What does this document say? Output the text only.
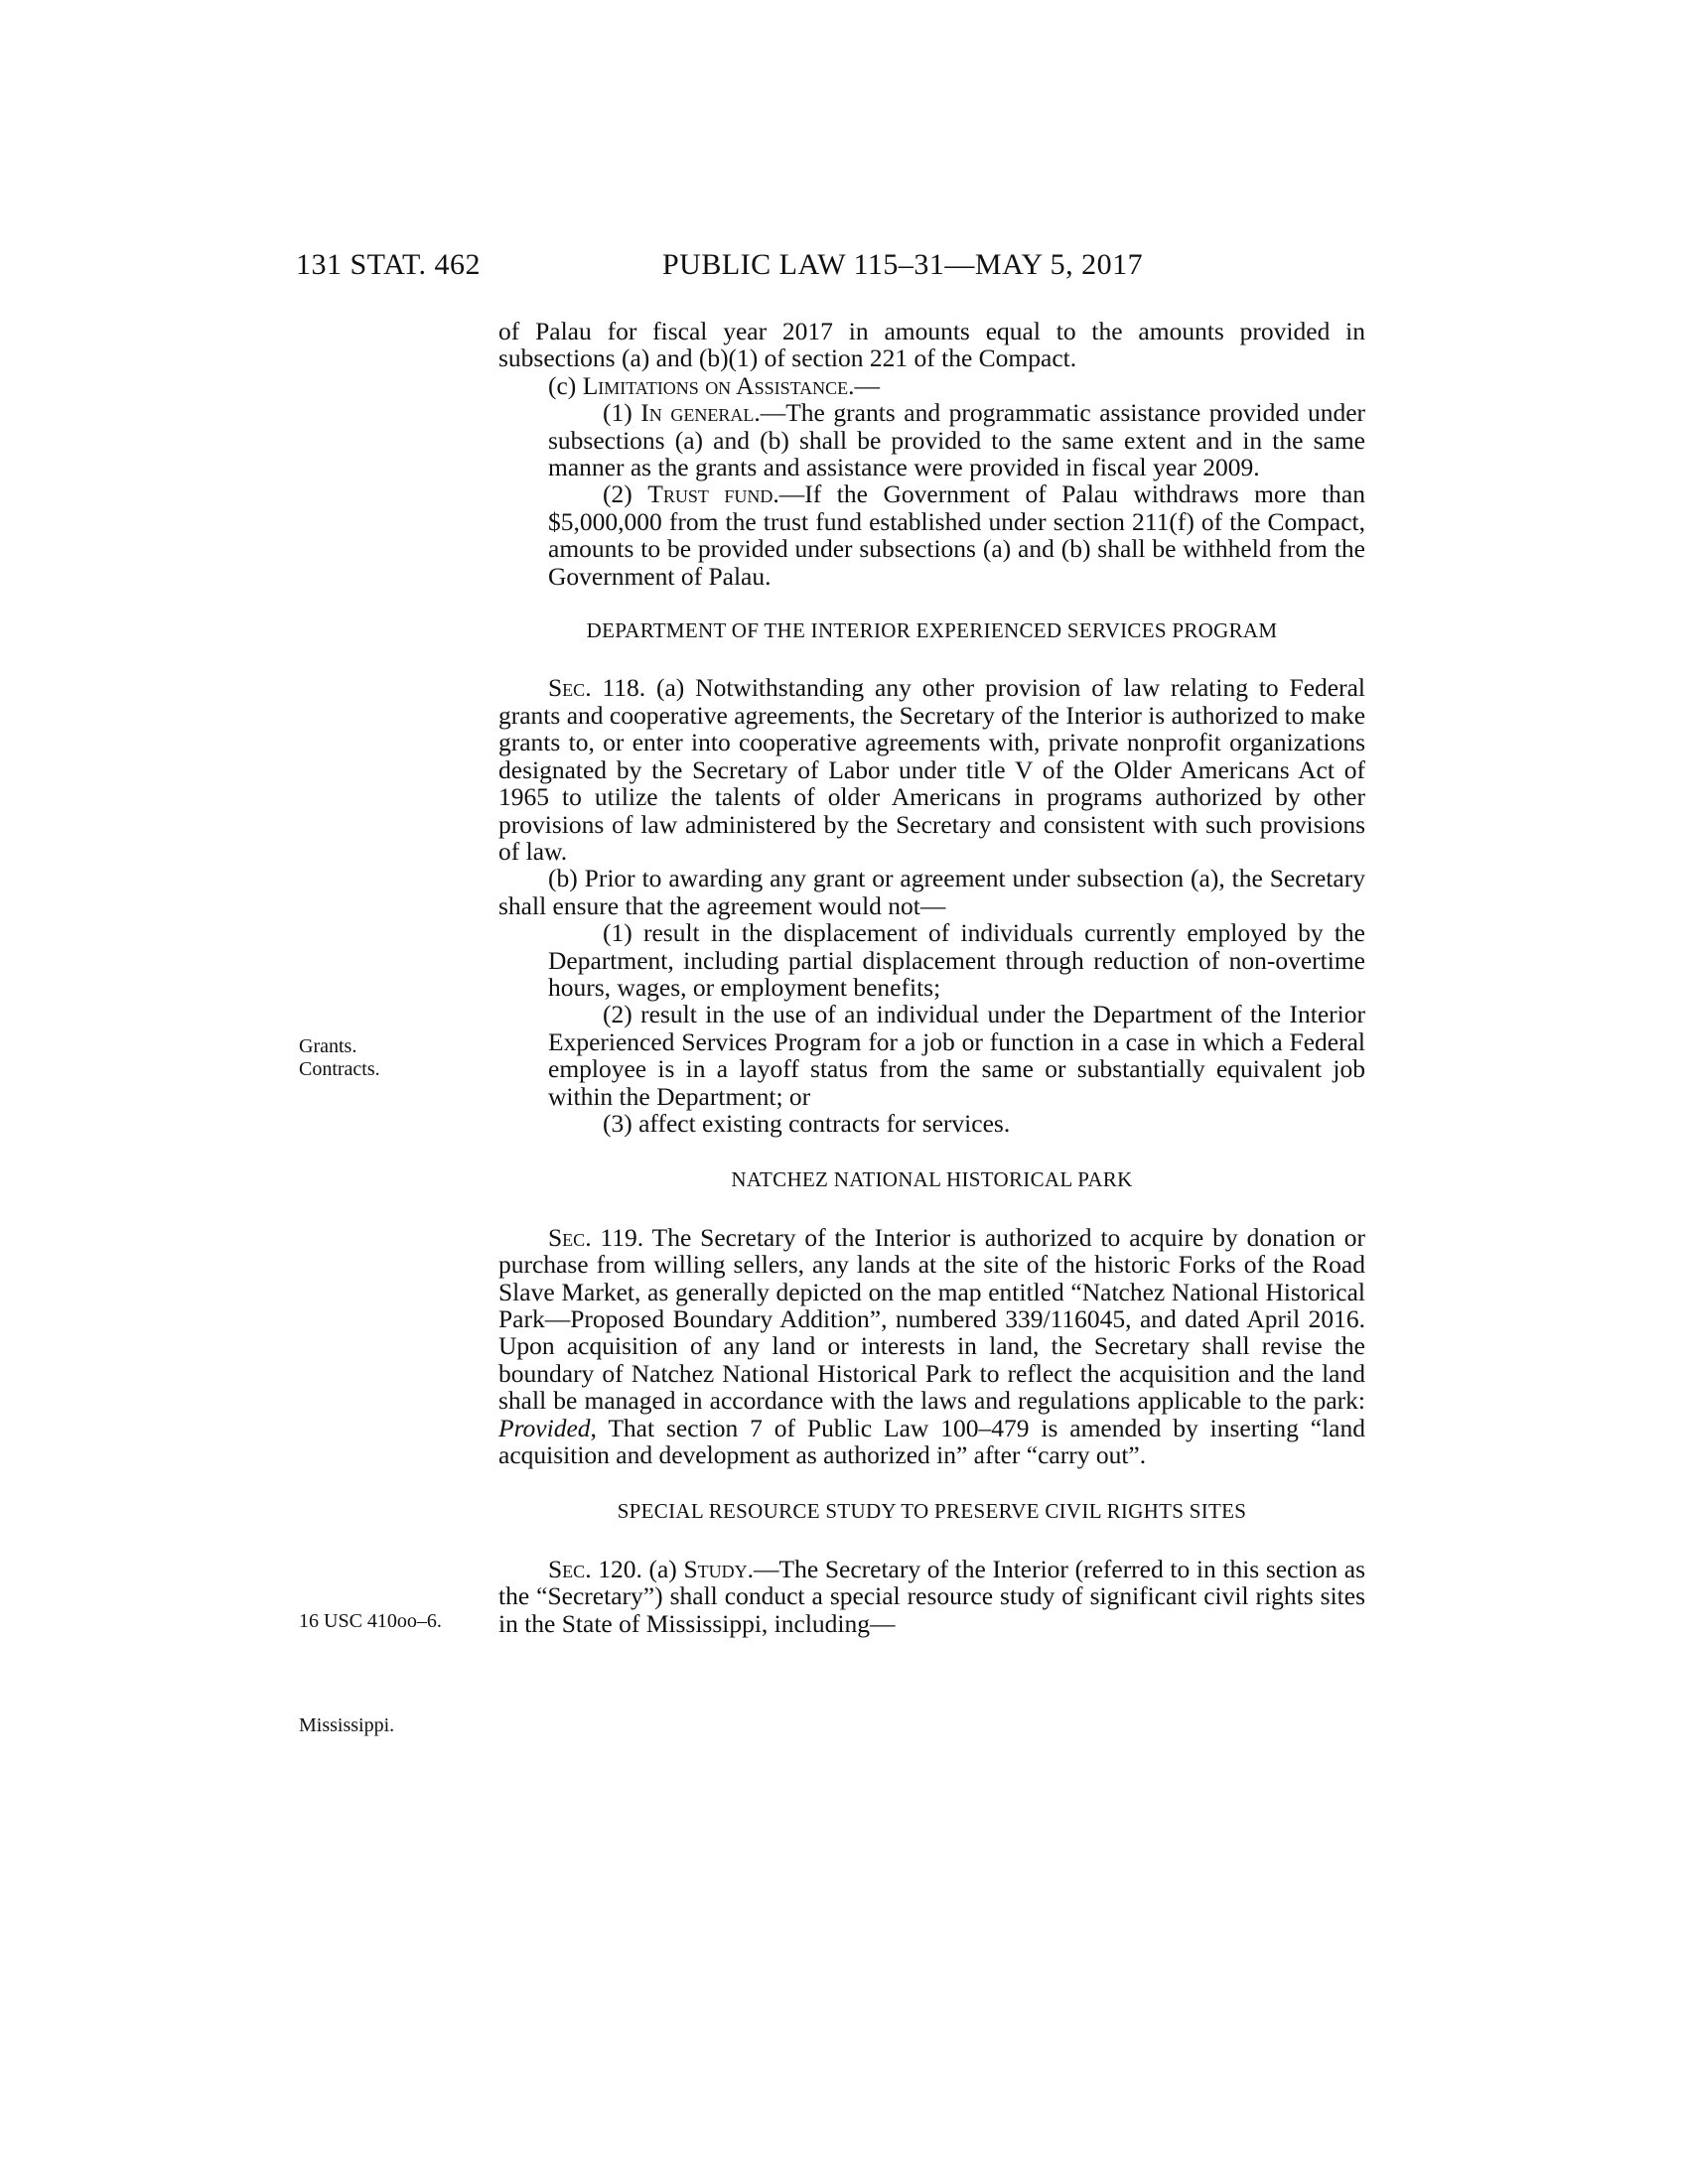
131 STAT. 462	PUBLIC LAW 115–31—MAY 5, 2017
Grants.
Contracts.
16 USC 410oo–6.
Mississippi.

of Palau for fiscal year 2017 in amounts equal to the amounts provided in subsections (a) and (b)(1) of section 221 of the Compact.

(c) Limitations on Assistance.—

(1) In general.—The grants and programmatic assistance provided under subsections (a) and (b) shall be provided to the same extent and in the same manner as the grants and assistance were provided in fiscal year 2009.

(2) Trust fund.—If the Government of Palau withdraws more than $5,000,000 from the trust fund established under section 211(f) of the Compact, amounts to be provided under subsections (a) and (b) shall be withheld from the Government of Palau.

DEPARTMENT OF THE INTERIOR EXPERIENCED SERVICES PROGRAM

Sec. 118. (a) Notwithstanding any other provision of law relating to Federal grants and cooperative agreements, the Secretary of the Interior is authorized to make grants to, or enter into cooperative agreements with, private nonprofit organizations designated by the Secretary of Labor under title V of the Older Americans Act of 1965 to utilize the talents of older Americans in programs authorized by other provisions of law administered by the Secretary and consistent with such provisions of law.

(b) Prior to awarding any grant or agreement under subsection (a), the Secretary shall ensure that the agreement would not—

(1) result in the displacement of individuals currently employed by the Department, including partial displacement through reduction of non-overtime hours, wages, or employment benefits;

(2) result in the use of an individual under the Department of the Interior Experienced Services Program for a job or function in a case in which a Federal employee is in a layoff status from the same or substantially equivalent job within the Department; or

(3) affect existing contracts for services.

NATCHEZ NATIONAL HISTORICAL PARK

Sec. 119. The Secretary of the Interior is authorized to acquire by donation or purchase from willing sellers, any lands at the site of the historic Forks of the Road Slave Market, as generally depicted on the map entitled “Natchez National Historical Park—Proposed Boundary Addition”, numbered 339/116045, and dated April 2016. Upon acquisition of any land or interests in land, the Secretary shall revise the boundary of Natchez National Historical Park to reflect the acquisition and the land shall be managed in accordance with the laws and regulations applicable to the park: Provided, That section 7 of Public Law 100–479 is amended by inserting “land acquisition and development as authorized in” after “carry out”.

SPECIAL RESOURCE STUDY TO PRESERVE CIVIL RIGHTS SITES

Sec. 120. (a) Study.—The Secretary of the Interior (referred to in this section as the “Secretary”) shall conduct a special resource study of significant civil rights sites in the State of Mississippi, including—
